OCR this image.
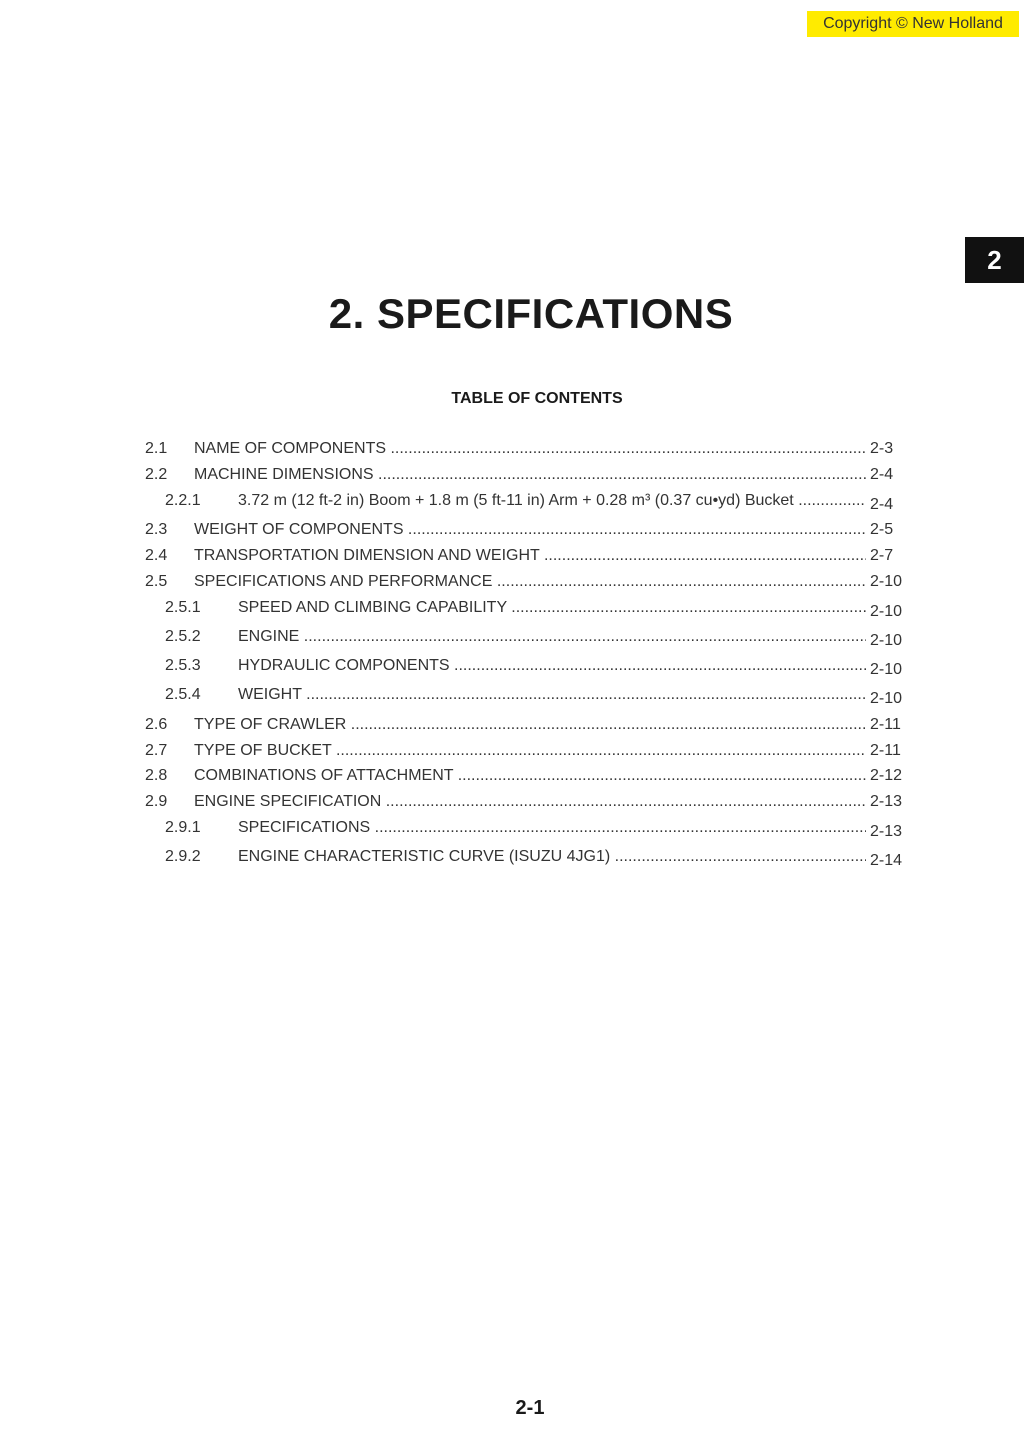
Copyright © New Holland
2
2. SPECIFICATIONS
TABLE OF CONTENTS
2.1 NAME OF COMPONENTS .....	2-3
2.2 MACHINE DIMENSIONS .....	2-4
2.2.1 3.72 m (12 ft-2 in) Boom + 1.8 m (5 ft-11 in) Arm + 0.28 m³ (0.37 cu•yd) Bucket .....	2-4
2.3 WEIGHT OF COMPONENTS .....	2-5
2.4 TRANSPORTATION DIMENSION AND WEIGHT .....	2-7
2.5 SPECIFICATIONS AND PERFORMANCE .....	2-10
2.5.1 SPEED AND CLIMBING CAPABILITY .....	2-10
2.5.2 ENGINE .....	2-10
2.5.3 HYDRAULIC COMPONENTS .....	2-10
2.5.4 WEIGHT .....	2-10
2.6 TYPE OF CRAWLER .....	2-11
2.7 TYPE OF BUCKET .....	2-11
2.8 COMBINATIONS OF ATTACHMENT .....	2-12
2.9 ENGINE SPECIFICATION .....	2-13
2.9.1 SPECIFICATIONS .....	2-13
2.9.2 ENGINE CHARACTERISTIC CURVE (ISUZU 4JG1) .....	2-14
2-1
